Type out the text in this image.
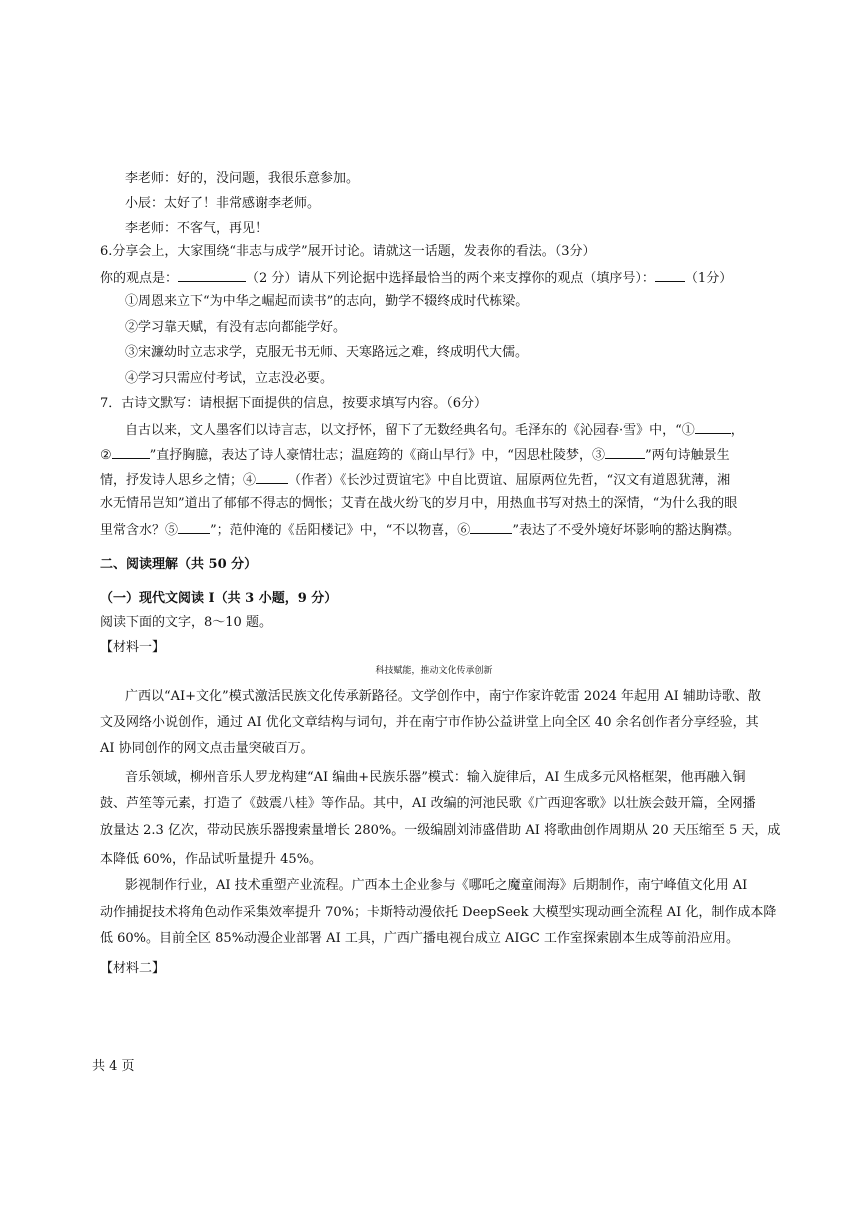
李老师：好的，没问题，我很乐意参加。
小辰：太好了！非常感谢李老师。
李老师：不客气，再见！
6.分享会上，大家围绕“非志与成学”展开讨论。请就这一话题，发表你的看法。（3分）
你的观点是：	（2 分）请从下列论据中选择最恰当的两个来支撑你的观点（填序号）： （1分）
①周恩来立下“为中华之崛起而读书”的志向，勤学不辍终成时代栋梁。
②学习靠天赋，有没有志向都能学好。
③宋濂幼时立志求学，克服无书无师、天寒路远之难，终成明代大儒。
④学习只需应付考试，立志没必要。
7．古诗文默写：请根据下面提供的信息，按要求填写内容。（6分）
自古以来，文人墨客们以诗言志，以文抒怀，留下了无数经典名句。毛泽东的《沁园春·雪》中，“①	，
②	”直抒胸臆，表达了诗人豪情壮志；温庭筠的《商山早行》中，“因思杜陵梦，③	”两句诗触景生
情，抒发诗人思乡之情；④ （作者）《长沙过贾谊宅》中自比贾谊、屈原两位先哲，“汉文有道恩犹薄，湘
水无情吊岂知”道出了郁郁不得志的惆怅；艾青在战火纷飞的岁月中，用热血书写对热土的深情，“为什么我的眼
里常含水？⑤ ”；范仲淹的《岳阳楼记》中，“不以物喜，⑥	”表达了不受外境好坏影响的豁达胸襟。
二、阅读理解（共 50 分）
（一）现代文阅读 I（共 3 小题，9 分）
阅读下面的文字，8～10 题。
【材料一】
科技赋能，推动文化传承创新
广西以“AI+文化”模式激活民族文化传承新路径。文学创作中，南宁作家许乾雷 2024 年起用 AI 辅助诗歌、散
文及网络小说创作，通过 AI 优化文章结构与词句，并在南宁市作协公益讲堂上向全区 40 余名创作者分享经验，其
AI 协同创作的网文点击量突破百万。
音乐领域，柳州音乐人罗龙构建“AI 编曲+民族乐器”模式：输入旋律后，AI 生成多元风格框架，他再融入铜
鼓、芦笙等元素，打造了《鼓震八桂》等作品。其中，AI 改编的河池民歌《广西迎客歌》以壮族会鼓开篇，全网播
放量达 2.3 亿次，带动民族乐器搜索量增长 280%。一级编剧刘沛盛借助 AI 将歌曲创作周期从 20 天压缩至 5 天，成
本降低 60%，作品试听量提升 45%。
影视制作行业，AI 技术重塑产业流程。广西本土企业参与《哪吒之魔童闹海》后期制作，南宁峰值文化用 AI
动作捕捉技术将角色动作采集效率提升 70%；卡斯特动漫依托 DeepSeek 大模型实现动画全流程 AI 化，制作成本降
低 60%。目前全区 85%动漫企业部署 AI 工具，广西广播电视台成立 AIGC 工作室探索剧本生成等前沿应用。
【材料二】
共 4 页
